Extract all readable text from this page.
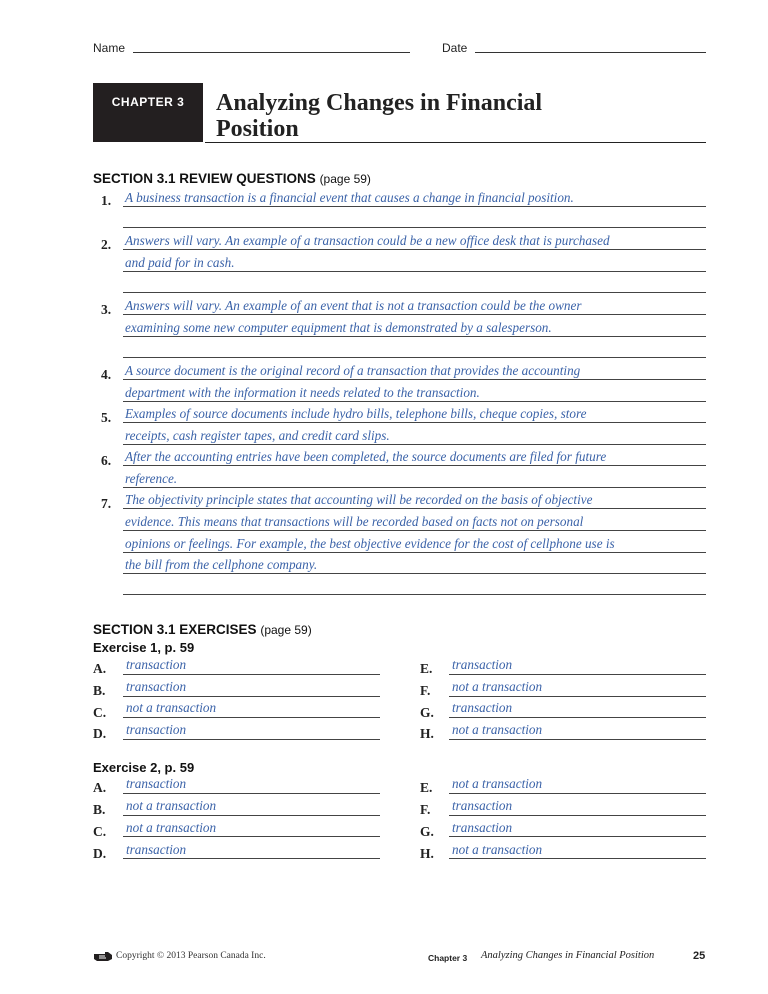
Name	Date
CHAPTER 3 Analyzing Changes in Financial
Position
SECTION 3.1 REVIEW QUESTIONS (page 59)
1. A business transaction is a financial event that causes a change in financial position.
2. Answers will vary. An example of a transaction could be a new office desk that is purchased
and paid for in cash.
3. Answers will vary. An example of an event that is not a transaction could be the owner
examining some new computer equipment that is demonstrated by a salesperson.
4. A source document is the original record of a transaction that provides the accounting
department with the information it needs related to the transaction.
5. Examples of source documents include hydro bills, telephone bills, cheque copies, store
receipts, cash register tapes, and credit card slips.
6. After the accounting entries have been completed, the source documents are filed for future
reference.
7. The objectivity principle states that accounting will be recorded on the basis of objective
evidence. This means that transactions will be recorded based on facts not on personal
opinions or feelings. For example, the best objective evidence for the cost of cellphone use is
the bill from the cellphone company.
SECTION 3.1 EXERCISES (page 59)
Exercise 1, p. 59
A. transaction
B. transaction
C. not a transaction
D. transaction
E. transaction
F. not a transaction
G. transaction
H. not a transaction
Exercise 2, p. 59
A. transaction
B. not a transaction
C. not a transaction
D. transaction
E. not a transaction
F. transaction
G. transaction
H. not a transaction
Copyright © 2013 Pearson Canada Inc.	Chapter 3 Analyzing Changes in Financial Position	25
